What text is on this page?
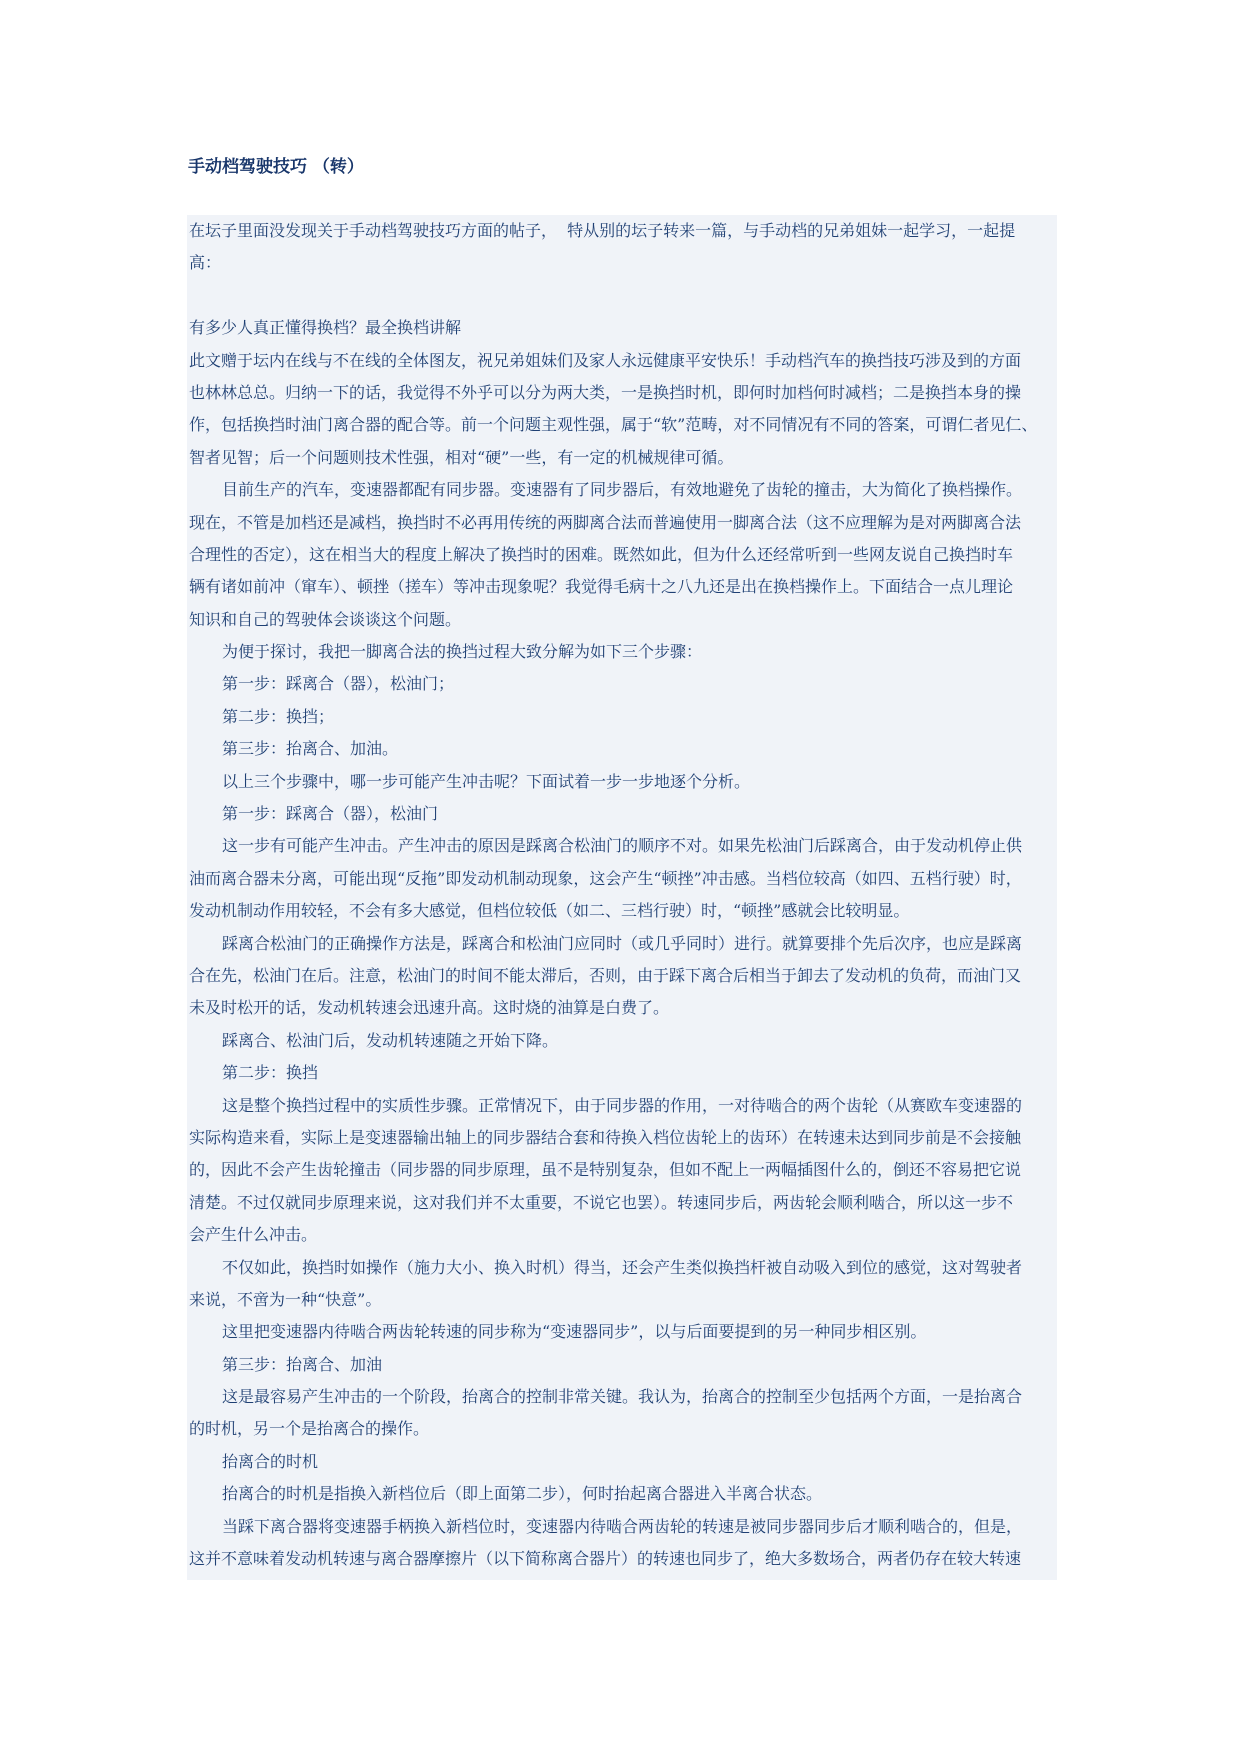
手动档驾驶技巧 （转）
在坛子里面没发现关于手动档驾驶技巧方面的帖子，  特从别的坛子转来一篇，与手动档的兄弟姐妹一起学习，一起提
高：
有多少人真正懂得换档？最全换档讲解
此文赠于坛内在线与不在线的全体图友，祝兄弟姐妹们及家人永远健康平安快乐！手动档汽车的换挡技巧涉及到的方面
也林林总总。归纳一下的话，我觉得不外乎可以分为两大类，一是换挡时机，即何时加档何时减档；二是换挡本身的操
作，包括换挡时油门离合器的配合等。前一个问题主观性强，属于“软”范畴，对不同情况有不同的答案，可谓仁者见仁、
智者见智；后一个问题则技术性强，相对“硬”一些，有一定的机械规律可循。
目前生产的汽车，变速器都配有同步器。变速器有了同步器后，有效地避免了齿轮的撞击，大为简化了换档操作。
现在，不管是加档还是减档，换挡时不必再用传统的两脚离合法而普遍使用一脚离合法（这不应理解为是对两脚离合法
合理性的否定），这在相当大的程度上解决了换挡时的困难。既然如此，但为什么还经常听到一些网友说自己换挡时车
辆有诸如前冲（窜车）、顿挫（搓车）等冲击现象呢？我觉得毛病十之八九还是出在换档操作上。下面结合一点儿理论
知识和自己的驾驶体会谈谈这个问题。
为便于探讨，我把一脚离合法的换挡过程大致分解为如下三个步骤：
第一步：踩离合（器），松油门；
第二步：换挡；
第三步：抬离合、加油。
以上三个步骤中，哪一步可能产生冲击呢？下面试着一步一步地逐个分析。
第一步：踩离合（器），松油门
这一步有可能产生冲击。产生冲击的原因是踩离合松油门的顺序不对。如果先松油门后踩离合，由于发动机停止供
油而离合器未分离，可能出现“反拖”即发动机制动现象，这会产生“顿挫”冲击感。当档位较高（如四、五档行驶）时，
发动机制动作用较轻，不会有多大感觉，但档位较低（如二、三档行驶）时，“顿挫”感就会比较明显。
踩离合松油门的正确操作方法是，踩离合和松油门应同时（或几乎同时）进行。就算要排个先后次序，也应是踩离
合在先，松油门在后。注意，松油门的时间不能太滞后，否则，由于踩下离合后相当于卸去了发动机的负荷，而油门又
未及时松开的话，发动机转速会迅速升高。这时烧的油算是白费了。
踩离合、松油门后，发动机转速随之开始下降。
第二步：换挡
这是整个换挡过程中的实质性步骤。正常情况下，由于同步器的作用，一对待啮合的两个齿轮（从赛欧车变速器的
实际构造来看，实际上是变速器输出轴上的同步器结合套和待换入档位齿轮上的齿环）在转速未达到同步前是不会接触
的，因此不会产生齿轮撞击（同步器的同步原理，虽不是特别复杂，但如不配上一两幅插图什么的，倒还不容易把它说
清楚。不过仅就同步原理来说，这对我们并不太重要，不说它也罢）。转速同步后，两齿轮会顺利啮合，所以这一步不
会产生什么冲击。
不仅如此，换挡时如操作（施力大小、换入时机）得当，还会产生类似换挡杆被自动吸入到位的感觉，这对驾驶者
来说，不啻为一种“快意”。
这里把变速器内待啮合两齿轮转速的同步称为“变速器同步”，以与后面要提到的另一种同步相区别。
第三步：抬离合、加油
这是最容易产生冲击的一个阶段，抬离合的控制非常关键。我认为，抬离合的控制至少包括两个方面，一是抬离合
的时机，另一个是抬离合的操作。
抬离合的时机
抬离合的时机是指换入新档位后（即上面第二步），何时抬起离合器进入半离合状态。
当踩下离合器将变速器手柄换入新档位时，变速器内待啮合两齿轮的转速是被同步器同步后才顺利啮合的，但是，
这并不意味着发动机转速与离合器摩擦片（以下简称离合器片）的转速也同步了，绝大多数场合，两者仍存在较大转速
